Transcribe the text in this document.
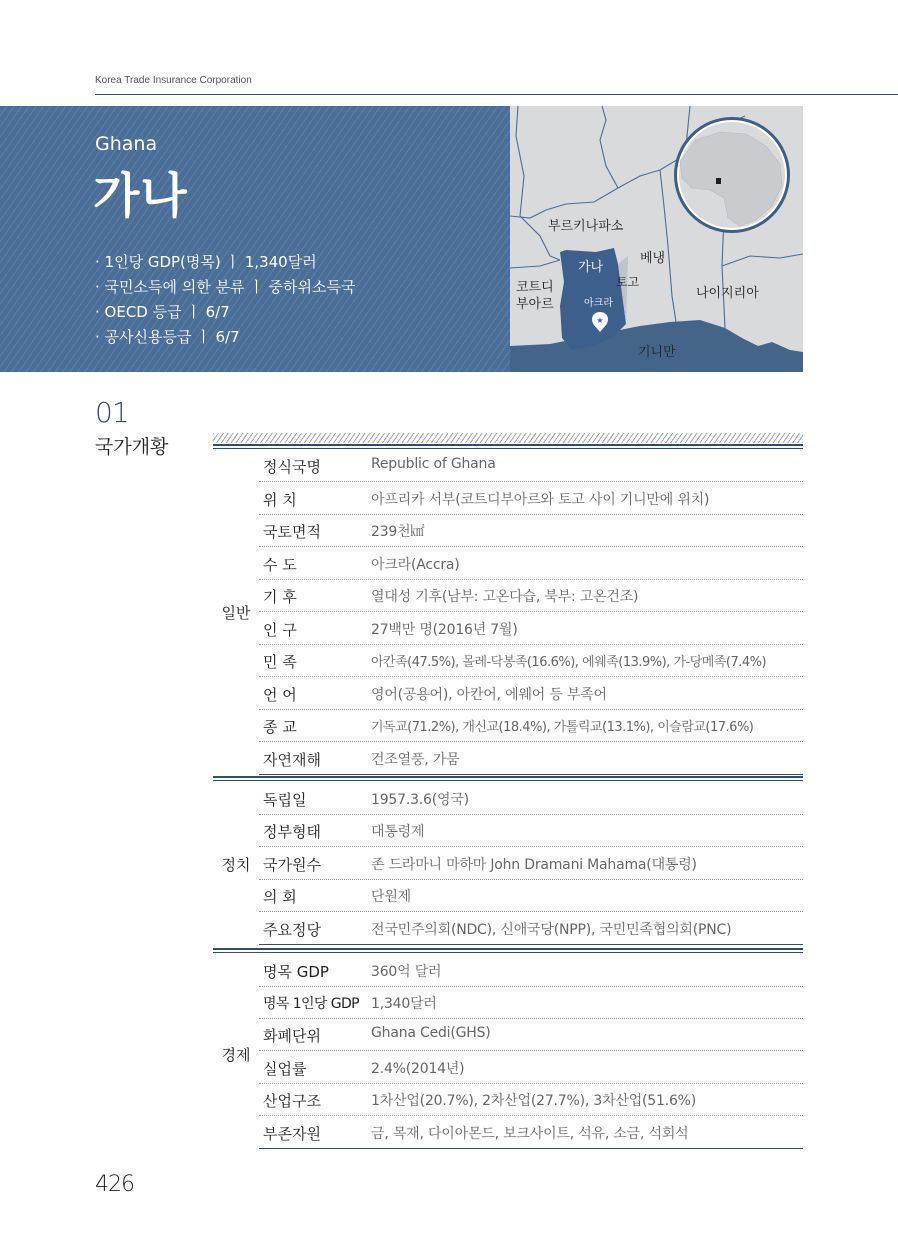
Korea Trade Insurance Corporation
Ghana
가나
· 1인당 GDP(명목) ㅣ 1,340달러
· 국민소득에 의한 분류 ㅣ 중하위소득국
· OECD 등급 ㅣ 6/7
· 공사신용등급 ㅣ 6/7
★
부르키나파소
베냉
가나
토고
코트디
부아르
나이지리아
아크라
기니만
01
국가개황
일반
정식국명	Republic of Ghana
위 치	아프리카 서부(코트디부아르와 토고 사이 기니만에 위치)
국토면적	239천㎢
수 도	아크라(Accra)
기 후	열대성 기후(남부: 고온다습, 북부: 고온건조)
인 구	27백만 명(2016년 7월)
민 족	아칸족(47.5%), 몰레-닥봉족(16.6%), 에웨족(13.9%), 가-당메족(7.4%)
언 어	영어(공용어), 아칸어, 에웨어 등 부족어
종 교	기독교(71.2%), 개신교(18.4%), 가톨릭교(13.1%), 이슬람교(17.6%)
자연재해	건조열풍, 가뭄
정치
독립일	1957.3.6(영국)
정부형태	대통령제
국가원수	존 드라마니 마하마 John Dramani Mahama(대통령)
의 회	단원제
주요정당	전국민주의회(NDC), 신애국당(NPP), 국민민족협의회(PNC)
경제
명목 GDP	360억 달러
명목 1인당 GDP 1,340달러
화폐단위	Ghana Cedi(GHS)
실업률	2.4%(2014년)
산업구조	1차산업(20.7%), 2차산업(27.7%), 3차산업(51.6%)
부존자원	금, 목재, 다이아몬드, 보크사이트, 석유, 소금, 석회석
426
